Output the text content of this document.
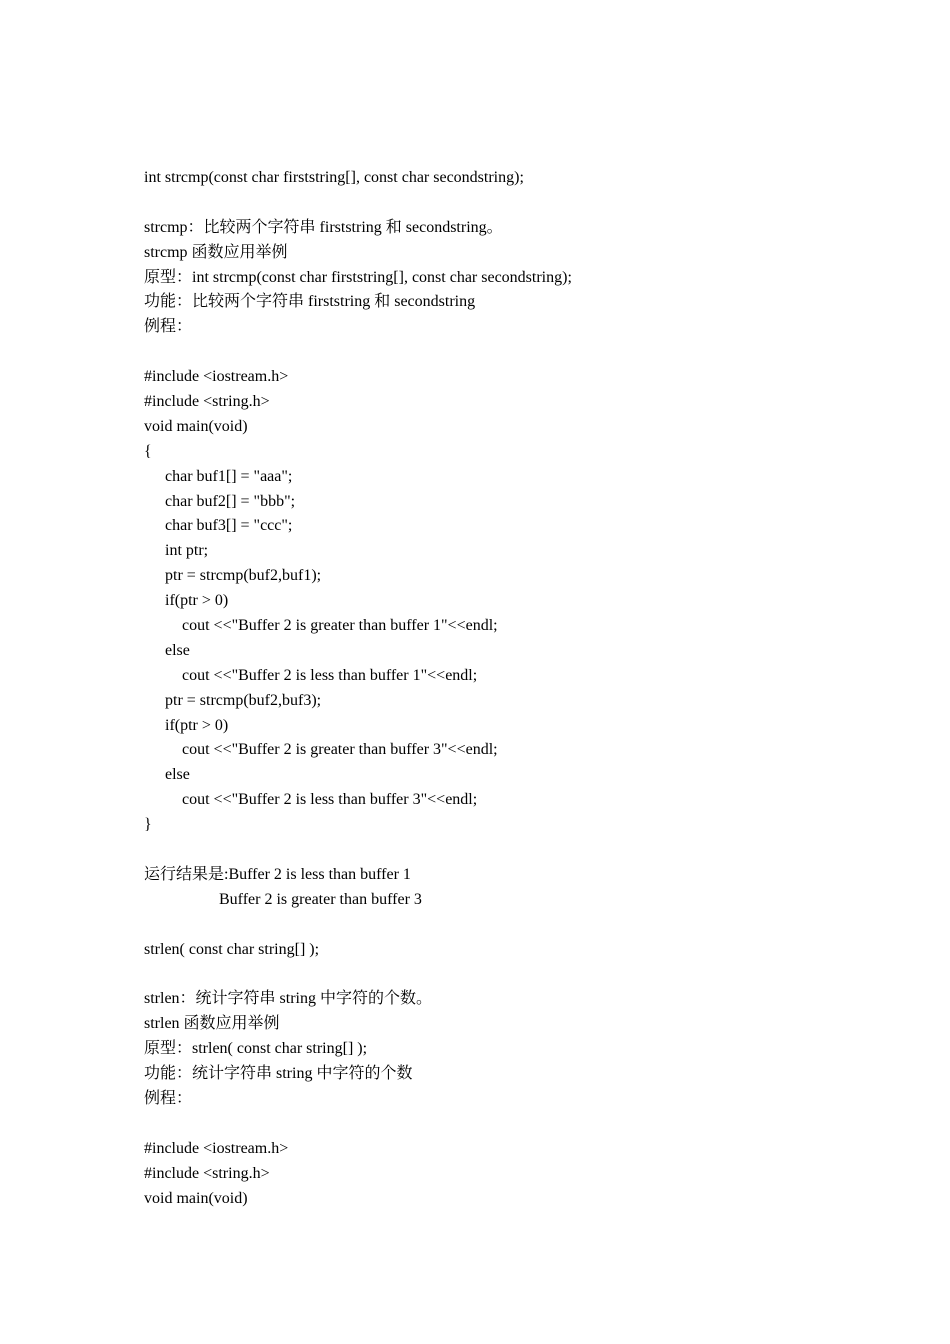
int strcmp(const char firststring[], const char secondstring);
strcmp：比较两个字符串 firststring 和 secondstring。
strcmp 函数应用举例
原型：int strcmp(const char firststring[], const char secondstring);
功能：比较两个字符串 firststring 和 secondstring
例程：
#include <iostream.h>
#include <string.h>
void main(void)
{
char buf1[] = "aaa";
char buf2[] = "bbb";
char buf3[] = "ccc";
int ptr;
ptr = strcmp(buf2,buf1);
if(ptr > 0)
cout <<"Buffer 2 is greater than buffer 1"<<endl;
else
cout <<"Buffer 2 is less than buffer 1"<<endl;
ptr = strcmp(buf2,buf3);
if(ptr > 0)
cout <<"Buffer 2 is greater than buffer 3"<<endl;
else
cout <<"Buffer 2 is less than buffer 3"<<endl;
}
运行结果是:Buffer 2 is less than buffer 1
Buffer 2 is greater than buffer 3
strlen( const char string[] );
strlen：统计字符串 string 中字符的个数。
strlen 函数应用举例
原型：strlen( const char string[] );
功能：统计字符串 string 中字符的个数
例程：
#include <iostream.h>
#include <string.h>
void main(void)
